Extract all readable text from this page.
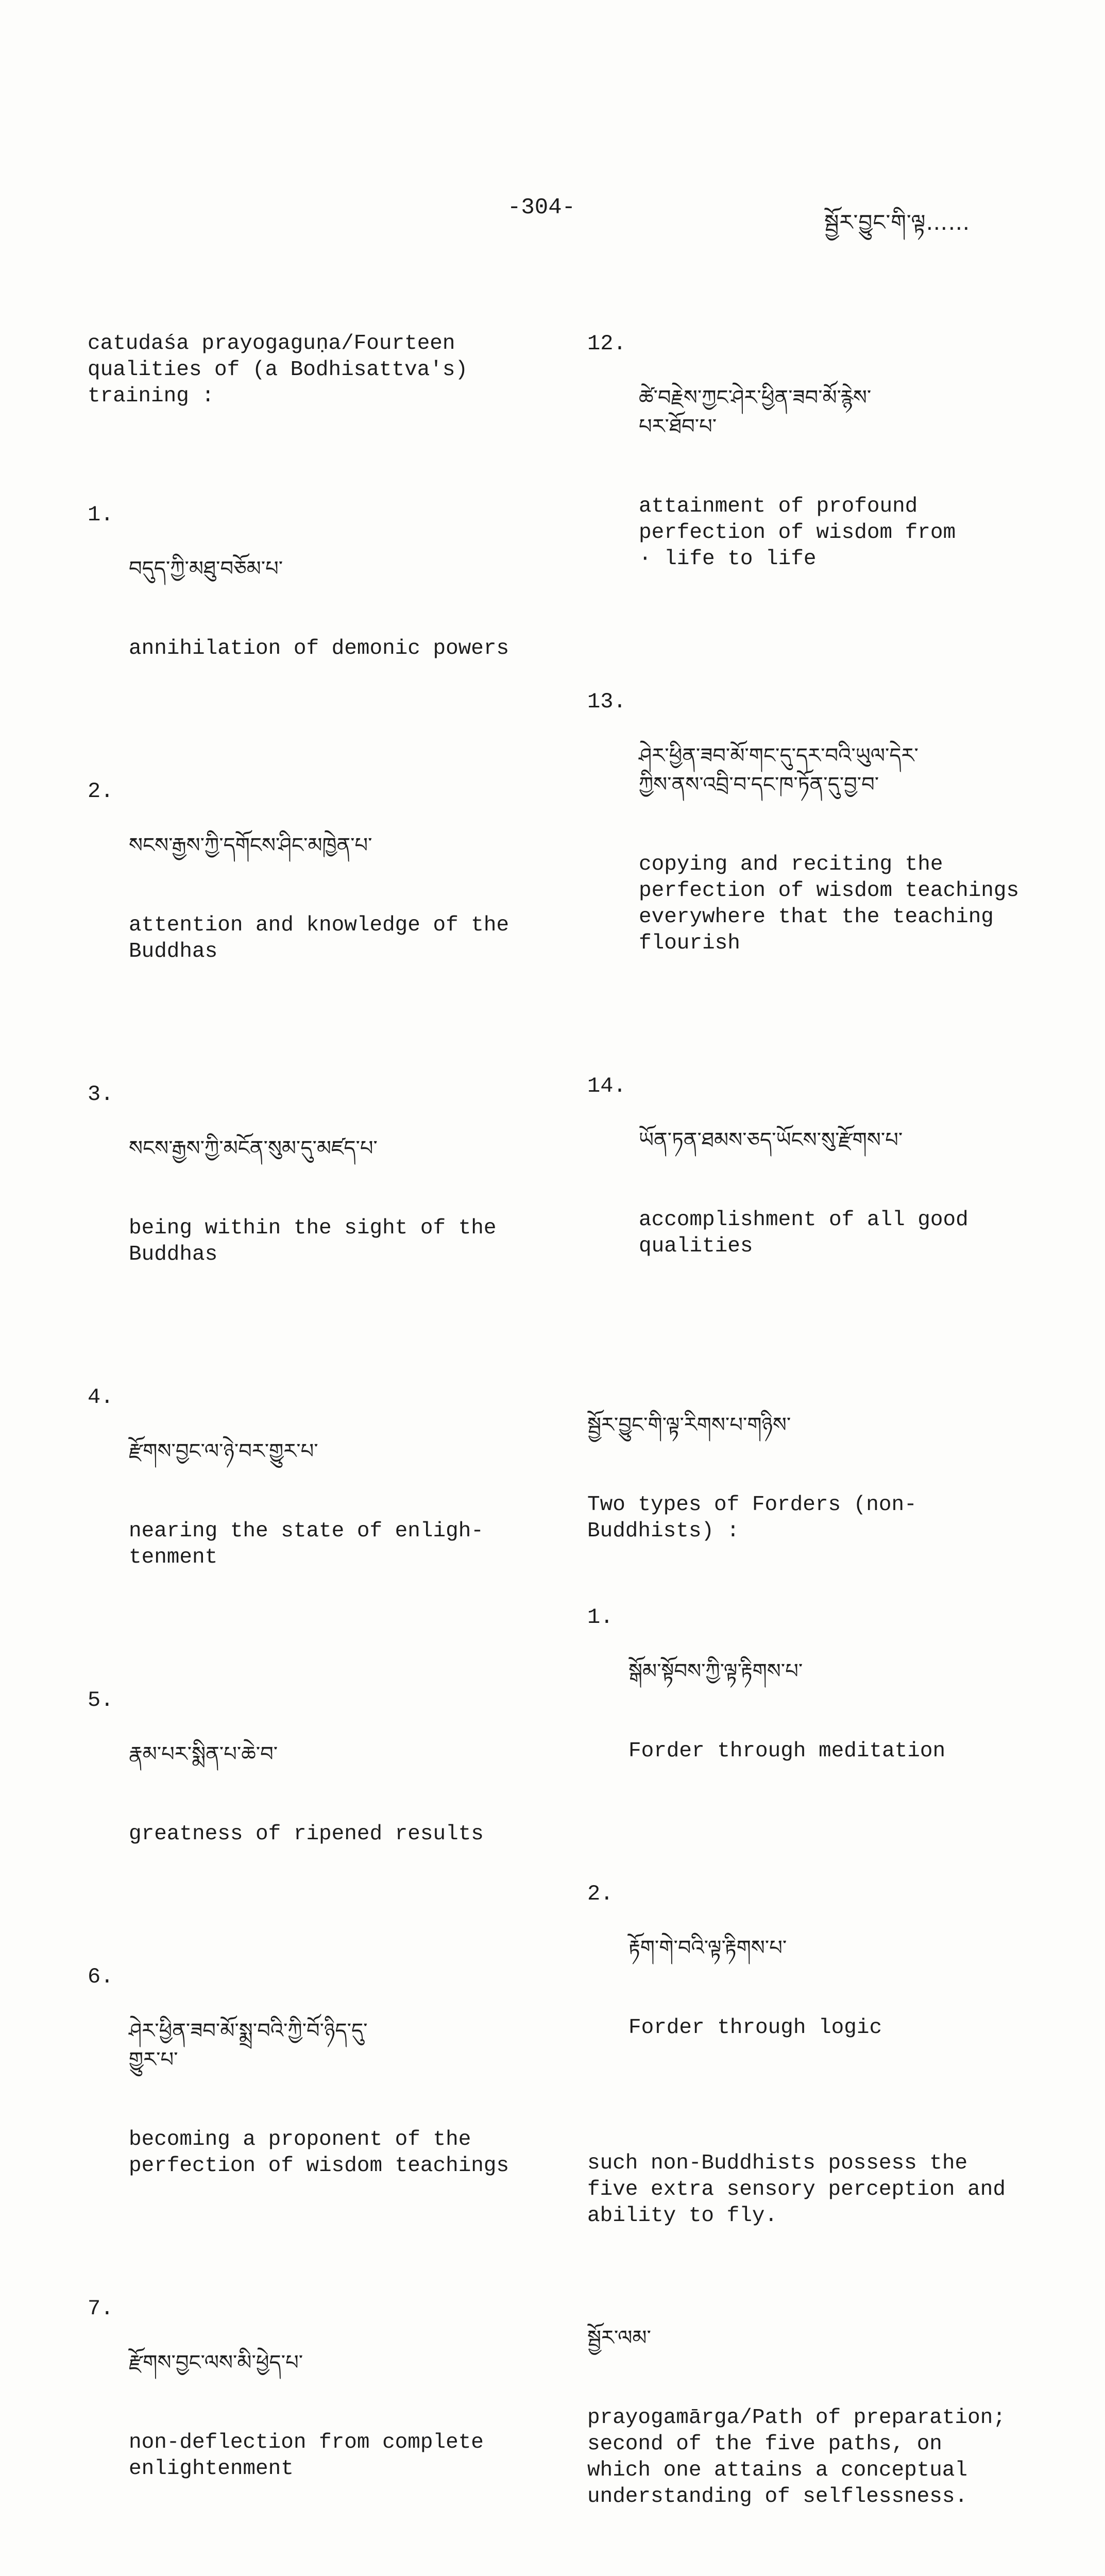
-304-
སྦྱོར་བྱུང་གི་ལྟ……

catudaśa prayogaguṇa/Fourteen
qualities of (a Bodhisattva's)
training :

1.

བདུད་ཀྱི་མཐུ་བཅོམ་པ་

annihilation of demonic powers

2.

སངས་རྒྱས་ཀྱི་དགོངས་ཤིང་མཁྱེན་པ་

attention and knowledge of the
Buddhas

3.

སངས་རྒྱས་ཀྱི་མངོན་སུམ་དུ་མཛད་པ་

being within the sight of the
Buddhas

4.

རྫོགས་བྱང་ལ་ཉེ་བར་གྱུར་པ་

nearing the state of enligh-
tenment

5.

རྣམ་པར་སྨིན་པ་ཆེ་བ་

greatness of ripened results

6.

ཤེར་ཕྱིན་ཟབ་མོ་སྨྲ་བའི་ཀྱི་བོ་ཉིད་དུ་
གྱུར་པ་

becoming a proponent of the
perfection of wisdom teachings

7.

རྫོགས་བྱང་ལས་མི་ཕྱེད་པ་

non-deflection from complete
enlightenment

12.

ཚེ་བརྗེས་ཀྱང་ཤེར་ཕྱིན་ཟབ་མོ་རྙེས་
པར་ཐོབ་པ་

attainment of profound
perfection of wisdom from
· life to life

13.

ཤེར་ཕྱིན་ཟབ་མོ་གང་དུ་དར་བའི་ཡུལ་དེར་
ཀྱིས་ནས་འབྲི་བ་དང་ཁ་ཏོན་དུ་བྱ་བ་

copying and reciting the
perfection of wisdom teachings
everywhere that the teaching
flourish

14.

ཡོན་ཏན་ཐམས་ཅད་ཡོངས་སུ་རྫོགས་པ་

accomplishment of all good
qualities

སྦྱོར་བྱུང་གི་ལྟ་རིགས་པ་གཉིས་

Two types of Forders (non-
Buddhists) :

1.

སྒོམ་སྟོབས་ཀྱི་ལྟ་རྟིགས་པ་

Forder through meditation

2.

རྟོག་གེ་བའི་ལྟ་རྟིགས་པ་

Forder through logic

such non-Buddhists possess the
five extra sensory perception and
ability to fly.

སྦྱོར་ལམ་

prayogamārga/Path of preparation;
second of the five paths, on
which one attains a conceptual
understanding of selflessness.
